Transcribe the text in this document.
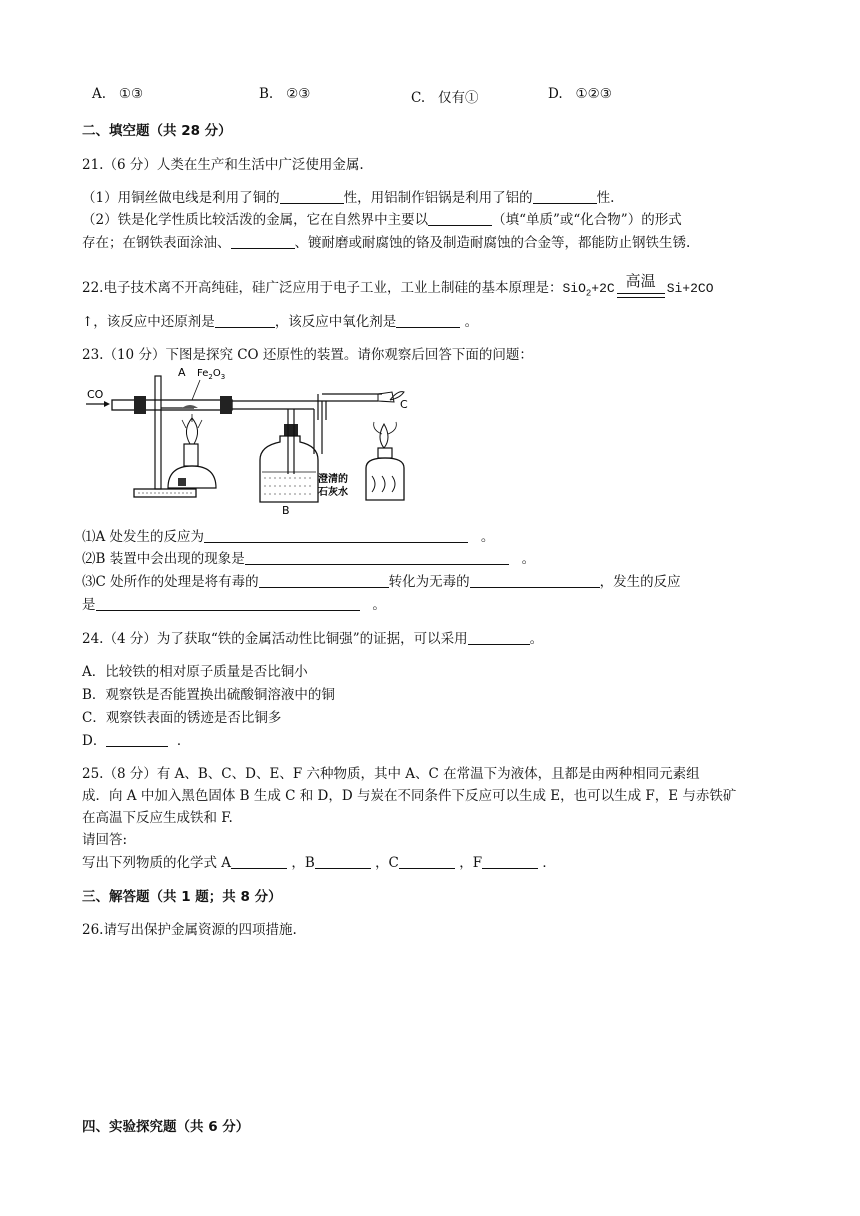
A. ①③	B. ②③	C. 仅有①	D. ①②③
二、填空题（共 28 分）
21.（6 分）人类在生产和生活中广泛使用金属.
（1）用铜丝做电线是利用了铜的	性，用铝制作铝锅是利用了铝的	性.
（2）铁是化学性质比较活泼的金属，它在自然界中主要以	（填“单质”或“化合物”）的形式
存在；在钢铁表面涂油、	、镀耐磨或耐腐蚀的铬及制造耐腐蚀的合金等，都能防止钢铁生锈.
22.电子技术离不开高纯硅，硅广泛应用于电子工业，工业上制硅的基本原理是：SiO$_2$+2C 高温 Si+2CO
↑，该反应中还原剂是	，该反应中氧化剂是	。
23.（10 分）下图是探究 CO 还原性的装置。请你观察后回答下面的问题：
CO
A $Fe_2O_3$
B
澄清的
石灰水
C
⑴A 处发生的反应为	。
⑵B 装置中会出现的现象是	。
⑶C 处所作的处理是将有毒的	转化为无毒的	，发生的反应
是	。
24.（4 分）为了获取“铁的金属活动性比铜强”的证据，可以采用	。
A．比较铁的相对原子质量是否比铜小
B．观察铁是否能置换出硫酸铜溶液中的铜
C．观察铁表面的锈迹是否比铜多
D．	．
25.（8 分）有 A、B、C、D、E、F 六种物质，其中 A、C 在常温下为液体，且都是由两种相同元素组
成．向 A 中加入黑色固体 B 生成 C 和 D，D 与炭在不同条件下反应可以生成 E，也可以生成 F，E 与赤铁矿
在高温下反应生成铁和 F.
请回答:
写出下列物质的化学式 A	，B	，C	，F	．
三、解答题（共 1 题；共 8 分）
26.请写出保护金属资源的四项措施.
四、实验探究题（共 6 分）
